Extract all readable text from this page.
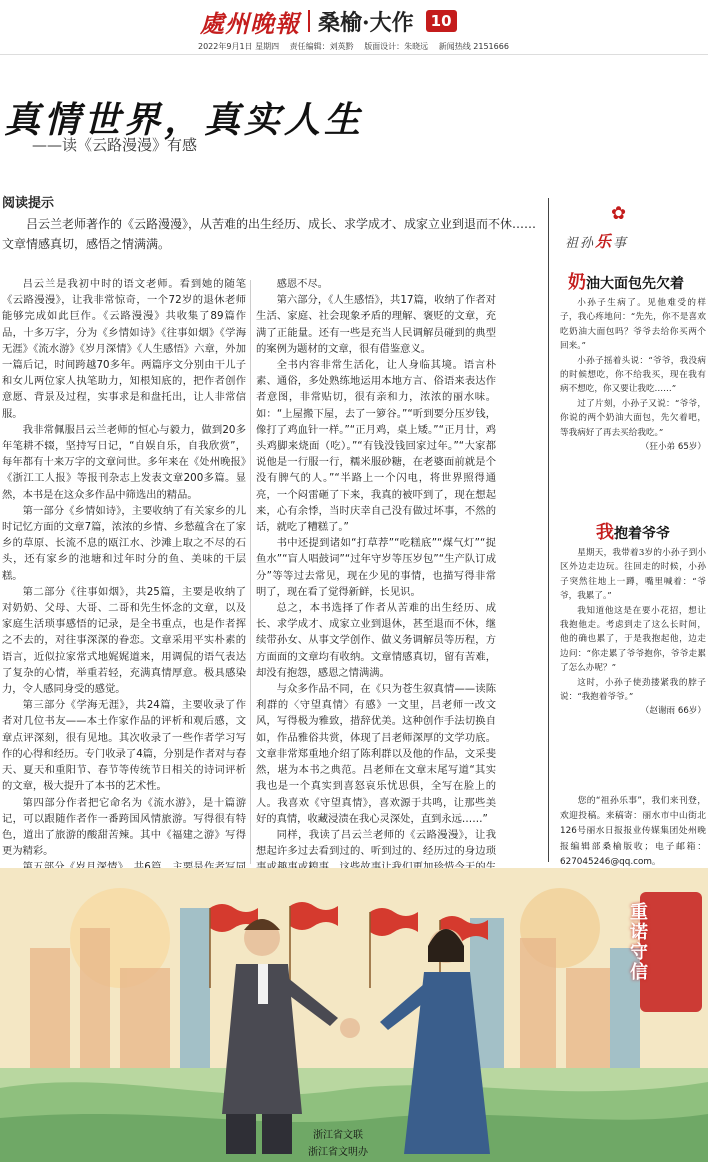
處州晚報 桑榆·大作	10
2022年9月1日 星期四 责任编辑：刘英黔 版面设计：朱晓远 新闻热线 2151666
真情世界，真实人生
——读《云路漫漫》有感
阅读提示
吕云兰老师著作的《云路漫漫》，从苦难的出生经历、成长、求学成才、成家立业到退而不休……文章情感真切，感悟之情满满。

吕云兰是我初中时的语文老师。看到她的随笔《云路漫漫》，让我非常惊奇，一个72岁的退休老师能够完成如此巨作。《云路漫漫》共收集了89篇作品，十多万字，分为《乡情如诗》《往事如烟》《学海无涯》《流水游》《岁月深情》《人生感悟》六章，外加一篇后记，时间跨越70多年。两篇序文分别由干儿子和女儿两位家人执笔助力，知根知底的，把作者创作意愿、背景及过程，实事求是和盘托出，让人非常信服。

我非常佩服吕云兰老师的恒心与毅力，做到20多年笔耕不辍，坚持写日记，“自娱自乐，自我欣赏”，每年都有十来万字的文章问世。多年来在《处州晚报》《浙江工人报》等报刊杂志上发表文章200多篇。显然，本书是在这众多作品中筛选出的精品。

第一部分《乡情如诗》，主要收纳了有关家乡的儿时记忆方面的文章7篇，浓浓的乡情、乡愁蕴含在了家乡的草原、长流不息的瓯江水、沙滩上取之不尽的石头，还有家乡的池塘和过年时分的鱼、美味的干层糕。

第二部分《往事如烟》，共25篇，主要是收纳了对奶奶、父母、大哥、二哥和先生怀念的文章，以及家庭生活琐事感悟的记录，是全书重点，也是作者挥之不去的，对往事深深的眷恋。文章采用平实朴素的语言，近似拉家常式地娓娓道来，用调侃的语气表达了复杂的心情，举重若轻，充满真情厚意。极具感染力，令人感同身受的感觉。

第三部分《学海无涯》，共24篇，主要收录了作者对几位书友——本土作家作品的评析和观后感，文章点评深刻，很有见地。其次收录了一些作者学习写作的心得和经历。专门收录了4篇，分别是作者对与春天、夏天和重阳节、春节等传统节日相关的诗词评析的文章，极大提升了本书的艺术性。

第四部分作者把它命名为《流水游》，是十篇游记，可以跟随作者作一番跨国风情旅游。写得很有特色，道出了旅游的酸甜苦辣。其中《福建之游》写得更为精彩。

感恩不尽。

第六部分，《人生感悟》，共17篇，收纳了作者对生活、家庭、社会现象矛盾的理解、褒贬的文章，充满了正能量。还有一些是充当人民调解员碰到的典型的案例为题材的文章，很有借鉴意义。

全书内容非常生活化，让人身临其境。语言朴素、通俗，多处熟练地运用本地方言、俗语来表达作者意图，非常贴切，很有亲和力，浓浓的丽水味。如：“上屋搬下屋，去了一箩谷。”“听到要分压岁钱，像打了鸡血针一样。”“正月鸡，桌上矮。”“正月廿，鸡头鸡脚来烧面（吃）。”“有钱没钱回家过年。”“大家都说他是一行服一行，糯米服砂糖，在老婆面前就是个没有脾气的人。”“半路上一个闪电，将世界照得通亮，一个闷雷砸了下来，我真的被吓到了，现在想起来，心有余悸，当时庆幸自己没有做过坏事，不然的话，就吃了糟糕了。”

书中还提到诸如“打草荐”“吃糕底”“煤气灯”“捉鱼水”“盲人唱鼓词”“过年守岁等压岁包”“生产队订成分”等等过去常见，现在少见的事情，也描写得非常明了，现在看了觉得新鲜，长见识。

总之，本书选择了作者从苦难的出生经历、成长、求学成才、成家立业到退休，甚至退而不休，继续带孙女、从事文学创作、做义务调解员等历程，方方面面的文章均有收纳。文章情感真切，留有苦难，却没有抱怨，感恩之情满满。

与众多作品不同，在《只为苍生叙真情——读陈利群的〈守望真情〉有感》一文里，吕老师一改文风，写得极为雅致，措辞优美。这种创作手法切换自如，作品雅俗共赏，体现了吕老师深厚的文学功底。文章非常郑重地介绍了陈利群以及他的作品，文采斐然，堪为本书之典范。吕老师在文章末尾写道“其实我也是一个真实到喜怒哀乐忧思俱，全写在脸上的人。我喜欢《守望真情》，喜欢源于共鸣，让那些美好的真情，收藏浸渍在我心灵深处，直到永远……”

同样，我读了吕云兰老师的《云路漫漫》，让我想起许多过去看到过的、听到过的、经历过的身边琐

✿
祖孙乐事
奶油大面包先欠着

小孙子生病了。见他难受的样子，我心疼地问：“先先，你不是喜欢吃奶油大面包吗？爷爷去给你买两个回来。”

小孙子摇着头说：“爷爷，我没病的时候想吃，你不给我买，现在我有病不想吃，你又要让我吃……”

过了片刻，小孙子又说：“爷爷，你说的两个奶油大面包，先欠着吧，等我病好了再去买给我吃。”

（狂小弟 65岁）

我抱着爷爷

星期天，我带着3岁的小孙子到小区外边走边玩。往回走的时候，小孙子突然往地上一蹲，嘴里喊着：“爷爷，我累了。”

我知道他这是在要小花招，想让我抱他走。考虑到走了这么长时间，他的确也累了，于是我抱起他，边走边问：“你走累了爷爷抱你，爷爷走累了怎么办呢？”

这时，小孙子使劲搂紧我的脖子说：“我抱着爷爷。”

（赵谢雨 66岁）

您的“祖孙乐事”，我们来刊登，欢迎投稿。来稿寄：丽水市中山街北126号丽水日报报业传媒集团处州晚报编辑部桑榆版收；电子邮箱：627045246@qq.com。

重诺守信
浙江省文联
浙江省文明办
